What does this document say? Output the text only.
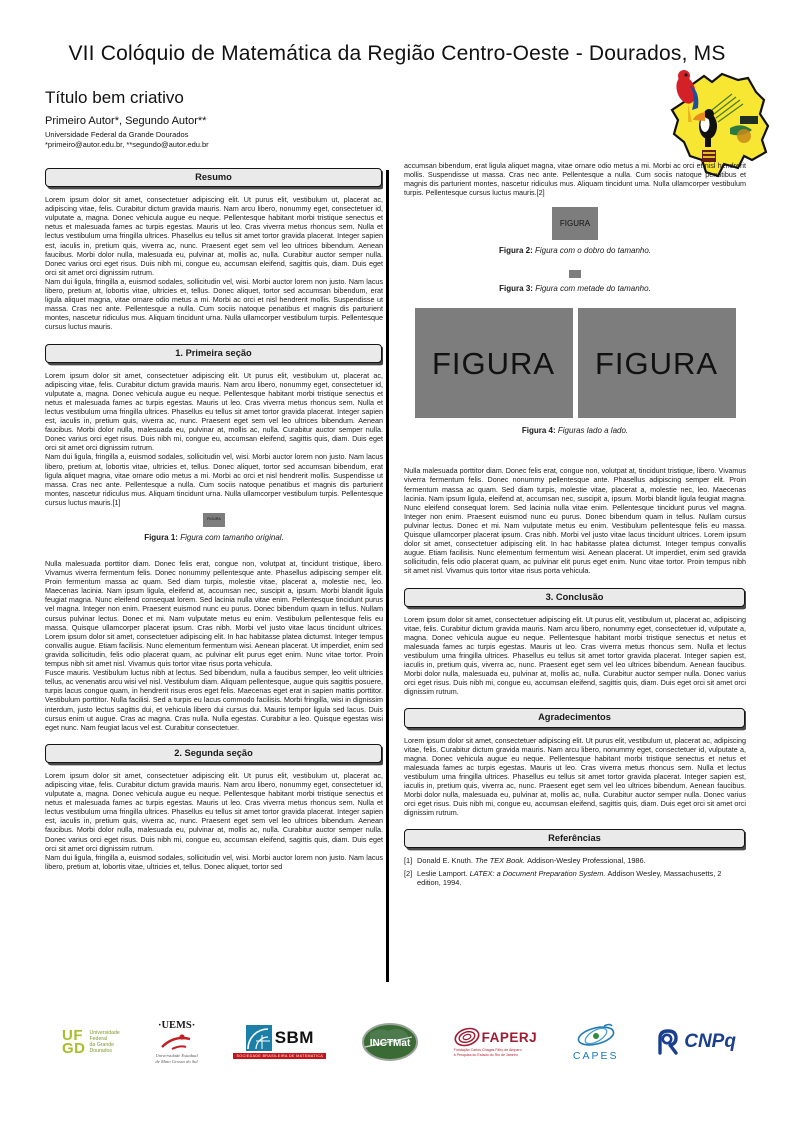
VII Colóquio de Matemática da Região Centro-Oeste - Dourados, MS
Título bem criativo
Primeiro Autor*, Segundo Autor**
Universidade Federal da Grande Dourados
*primeiro@autor.edu.br, **segundo@autor.edu.br
Resumo
Lorem ipsum dolor sit amet, consectetuer adipiscing elit. Ut purus elit, vestibulum ut, placerat ac, adipiscing vitae, felis. Curabitur dictum gravida mauris. Nam arcu libero, nonummy eget, consectetuer id, vulputate a, magna. Donec vehicula augue eu neque. Pellentesque habitant morbi tristique senectus et netus et malesuada fames ac turpis egestas. Mauris ut leo. Cras viverra metus rhoncus sem. Nulla et lectus vestibulum urna fringilla ultrices. Phasellus eu tellus sit amet tortor gravida placerat. Integer sapien est, iaculis in, pretium quis, viverra ac, nunc. Praesent eget sem vel leo ultrices bibendum. Aenean faucibus. Morbi dolor nulla, malesuada eu, pulvinar at, mollis ac, nulla. Curabitur auctor semper nulla. Donec varius orci eget risus. Duis nibh mi, congue eu, accumsan eleifend, sagittis quis, diam. Duis eget orci sit amet orci dignissim rutrum.
Nam dui ligula, fringilla a, euismod sodales, sollicitudin vel, wisi. Morbi auctor lorem non justo. Nam lacus libero, pretium at, lobortis vitae, ultricies et, tellus. Donec aliquet, tortor sed accumsan bibendum, erat ligula aliquet magna, vitae ornare odio metus a mi. Morbi ac orci et nisl hendrerit mollis. Suspendisse ut massa. Cras nec ante. Pellentesque a nulla. Cum sociis natoque penatibus et magnis dis parturient montes, nascetur ridiculus mus. Aliquam tincidunt urna. Nulla ullamcorper vestibulum turpis. Pellentesque cursus luctus mauris.
1. Primeira seção
Lorem ipsum dolor sit amet, consectetuer adipiscing elit. Ut purus elit, vestibulum ut, placerat ac, adipiscing vitae, felis. Curabitur dictum gravida mauris. Nam arcu libero, nonummy eget, consectetuer id, vulputate a, magna. Donec vehicula augue eu neque. Pellentesque habitant morbi tristique senectus et netus et malesuada fames ac turpis egestas. Mauris ut leo. Cras viverra metus rhoncus sem. Nulla et lectus vestibulum urna fringilla ultrices. Phasellus eu tellus sit amet tortor gravida placerat. Integer sapien est, iaculis in, pretium quis, viverra ac, nunc. Praesent eget sem vel leo ultrices bibendum. Aenean faucibus. Morbi dolor nulla, malesuada eu, pulvinar at, mollis ac, nulla. Curabitur auctor semper nulla. Donec varius orci eget risus. Duis nibh mi, congue eu, accumsan eleifend, sagittis quis, diam. Duis eget orci sit amet orci dignissim rutrum.
Nam dui ligula, fringilla a, euismod sodales, sollicitudin vel, wisi. Morbi auctor lorem non justo. Nam lacus libero, pretium at, lobortis vitae, ultricies et, tellus. Donec aliquet, tortor sed accumsan bibendum, erat ligula aliquet magna, vitae ornare odio metus a mi. Morbi ac orci et nisl hendrerit mollis. Suspendisse ut massa. Cras nec ante. Pellentesque a nulla. Cum sociis natoque penatibus et magnis dis parturient montes, nascetur ridiculus mus. Aliquam tincidunt urna. Nulla ullamcorper vestibulum turpis. Pellentesque cursus luctus mauris.[1]
FIGURA
Figura 1: Figura com tamanho original.
Nulla malesuada porttitor diam. Donec felis erat, congue non, volutpat at, tincidunt tristique, libero. Vivamus viverra fermentum felis. Donec nonummy pellentesque ante. Phasellus adipiscing semper elit. Proin fermentum massa ac quam. Sed diam turpis, molestie vitae, placerat a, molestie nec, leo. Maecenas lacinia. Nam ipsum ligula, eleifend at, accumsan nec, suscipit a, ipsum. Morbi blandit ligula feugiat magna. Nunc eleifend consequat lorem. Sed lacinia nulla vitae enim. Pellentesque tincidunt purus vel magna. Integer non enim. Praesent euismod nunc eu purus. Donec bibendum quam in tellus. Nullam cursus pulvinar lectus. Donec et mi. Nam vulputate metus eu enim. Vestibulum pellentesque felis eu massa. Quisque ullamcorper placerat ipsum. Cras nibh. Morbi vel justo vitae lacus tincidunt ultrices. Lorem ipsum dolor sit amet, consectetuer adipiscing elit. In hac habitasse platea dictumst. Integer tempus convallis augue. Etiam facilisis. Nunc elementum fermentum wisi. Aenean placerat. Ut imperdiet, enim sed gravida sollicitudin, felis odio placerat quam, ac pulvinar elit purus eget enim. Nunc vitae tortor. Proin tempus nibh sit amet nisl. Vivamus quis tortor vitae risus porta vehicula.
Fusce mauris. Vestibulum luctus nibh at lectus. Sed bibendum, nulla a faucibus semper, leo velit ultricies tellus, ac venenatis arcu wisi vel nisl. Vestibulum diam. Aliquam pellentesque, augue quis sagittis posuere, turpis lacus congue quam, in hendrerit risus eros eget felis. Maecenas eget erat in sapien mattis porttitor. Vestibulum porttitor. Nulla facilisi. Sed a turpis eu lacus commodo facilisis. Morbi fringilla, wisi in dignissim interdum, justo lectus sagittis dui, et vehicula libero dui cursus dui. Mauris tempor ligula sed lacus. Duis cursus enim ut augue. Cras ac magna. Cras nulla. Nulla egestas. Curabitur a leo. Quisque egestas wisi eget nunc. Nam feugiat lacus vel est. Curabitur consectetuer.
2. Segunda seção
Lorem ipsum dolor sit amet, consectetuer adipiscing elit. Ut purus elit, vestibulum ut, placerat ac, adipiscing vitae, felis. Curabitur dictum gravida mauris. Nam arcu libero, nonummy eget, consectetuer id, vulputate a, magna. Donec vehicula augue eu neque. Pellentesque habitant morbi tristique senectus et netus et malesuada fames ac turpis egestas. Mauris ut leo. Cras viverra metus rhoncus sem. Nulla et lectus vestibulum urna fringilla ultrices. Phasellus eu tellus sit amet tortor gravida placerat. Integer sapien est, iaculis in, pretium quis, viverra ac, nunc. Praesent eget sem vel leo ultrices bibendum. Aenean faucibus. Morbi dolor nulla, malesuada eu, pulvinar at, mollis ac, nulla. Curabitur auctor semper nulla. Donec varius orci eget risus. Duis nibh mi, congue eu, accumsan eleifend, sagittis quis, diam. Duis eget orci sit amet orci dignissim rutrum.
Nam dui ligula, fringilla a, euismod sodales, sollicitudin vel, wisi. Morbi auctor lorem non justo. Nam lacus libero, pretium at, lobortis vitae, ultricies et, tellus. Donec aliquet, tortor sed
accumsan bibendum, erat ligula aliquet magna, vitae ornare odio metus a mi. Morbi ac orci et nisl hendrerit mollis. Suspendisse ut massa. Cras nec ante. Pellentesque a nulla. Cum sociis natoque penatibus et magnis dis parturient montes, nascetur ridiculus mus. Aliquam tincidunt urna. Nulla ullamcorper vestibulum turpis. Pellentesque cursus luctus mauris.[2]
FIGURA
Figura 2: Figura com o dobro do tamanho.
Figura 3: Figura com metade do tamanho.
FIGURA FIGURA
Figura 4: Figuras lado a lado.
Nulla malesuada porttitor diam. Donec felis erat, congue non, volutpat at, tincidunt tristique, libero. Vivamus viverra fermentum felis. Donec nonummy pellentesque ante. Phasellus adipiscing semper elit. Proin fermentum massa ac quam. Sed diam turpis, molestie vitae, placerat a, molestie nec, leo. Maecenas lacinia. Nam ipsum ligula, eleifend at, accumsan nec, suscipit a, ipsum. Morbi blandit ligula feugiat magna. Nunc eleifend consequat lorem. Sed lacinia nulla vitae enim. Pellentesque tincidunt purus vel magna. Integer non enim. Praesent euismod nunc eu purus. Donec bibendum quam in tellus. Nullam cursus pulvinar lectus. Donec et mi. Nam vulputate metus eu enim. Vestibulum pellentesque felis eu massa. Quisque ullamcorper placerat ipsum. Cras nibh. Morbi vel justo vitae lacus tincidunt ultrices. Lorem ipsum dolor sit amet, consectetuer adipiscing elit. In hac habitasse platea dictumst. Integer tempus convallis augue. Etiam facilisis. Nunc elementum fermentum wisi. Aenean placerat. Ut imperdiet, enim sed gravida sollicitudin, felis odio placerat quam, ac pulvinar elit purus eget enim. Nunc vitae tortor. Proin tempus nibh sit amet nisl. Vivamus quis tortor vitae risus porta vehicula.
3. Conclusão
Lorem ipsum dolor sit amet, consectetuer adipiscing elit. Ut purus elit, vestibulum ut, placerat ac, adipiscing vitae, felis. Curabitur dictum gravida mauris. Nam arcu libero, nonummy eget, consectetuer id, vulputate a, magna. Donec vehicula augue eu neque. Pellentesque habitant morbi tristique senectus et netus et malesuada fames ac turpis egestas. Mauris ut leo. Cras viverra metus rhoncus sem. Nulla et lectus vestibulum urna fringilla ultrices. Phasellus eu tellus sit amet tortor gravida placerat. Integer sapien est, iaculis in, pretium quis, viverra ac, nunc. Praesent eget sem vel leo ultrices bibendum. Aenean faucibus. Morbi dolor nulla, malesuada eu, pulvinar at, mollis ac, nulla. Curabitur auctor semper nulla. Donec varius orci eget risus. Duis nibh mi, congue eu, accumsan eleifend, sagittis quis, diam. Duis eget orci sit amet orci dignissim rutrum.
Agradecimentos
Lorem ipsum dolor sit amet, consectetuer adipiscing elit. Ut purus elit, vestibulum ut, placerat ac, adipiscing vitae, felis. Curabitur dictum gravida mauris. Nam arcu libero, nonummy eget, consectetuer id, vulputate a, magna. Donec vehicula augue eu neque. Pellentesque habitant morbi tristique senectus et netus et malesuada fames ac turpis egestas. Mauris ut leo. Cras viverra metus rhoncus sem. Nulla et lectus vestibulum urna fringilla ultrices. Phasellus eu tellus sit amet tortor gravida placerat. Integer sapien est, iaculis in, pretium quis, viverra ac, nunc. Praesent eget sem vel leo ultrices bibendum. Aenean faucibus. Morbi dolor nulla, malesuada eu, pulvinar at, mollis ac, nulla. Curabitur auctor semper nulla. Donec varius orci eget risus. Duis nibh mi, congue eu, accumsan eleifend, sagittis quis, diam. Duis eget orci sit amet orci dignissim rutrum.
Referências
[1] Donald E. Knuth. The TEX Book. Addison-Wesley Professional, 1986.
[2] Leslie Lamport. LATEX: a Document Preparation System. Addison Wesley, Massachusetts, 2 edition, 1994.
UF
GD
Universidade
Federal
da Grande
Dourados
·UEMS·
Universidade Estadual
de Mato Grosso do Sul
SBM
SOCIEDADE BRASILEIRA DE MATEMATICA
INCTMat	FAPERJ
Fundação Carlos Chagas Filho de Amparo
à Pesquisa do Estado do Rio de Janeiro	CAPES
CNPq
